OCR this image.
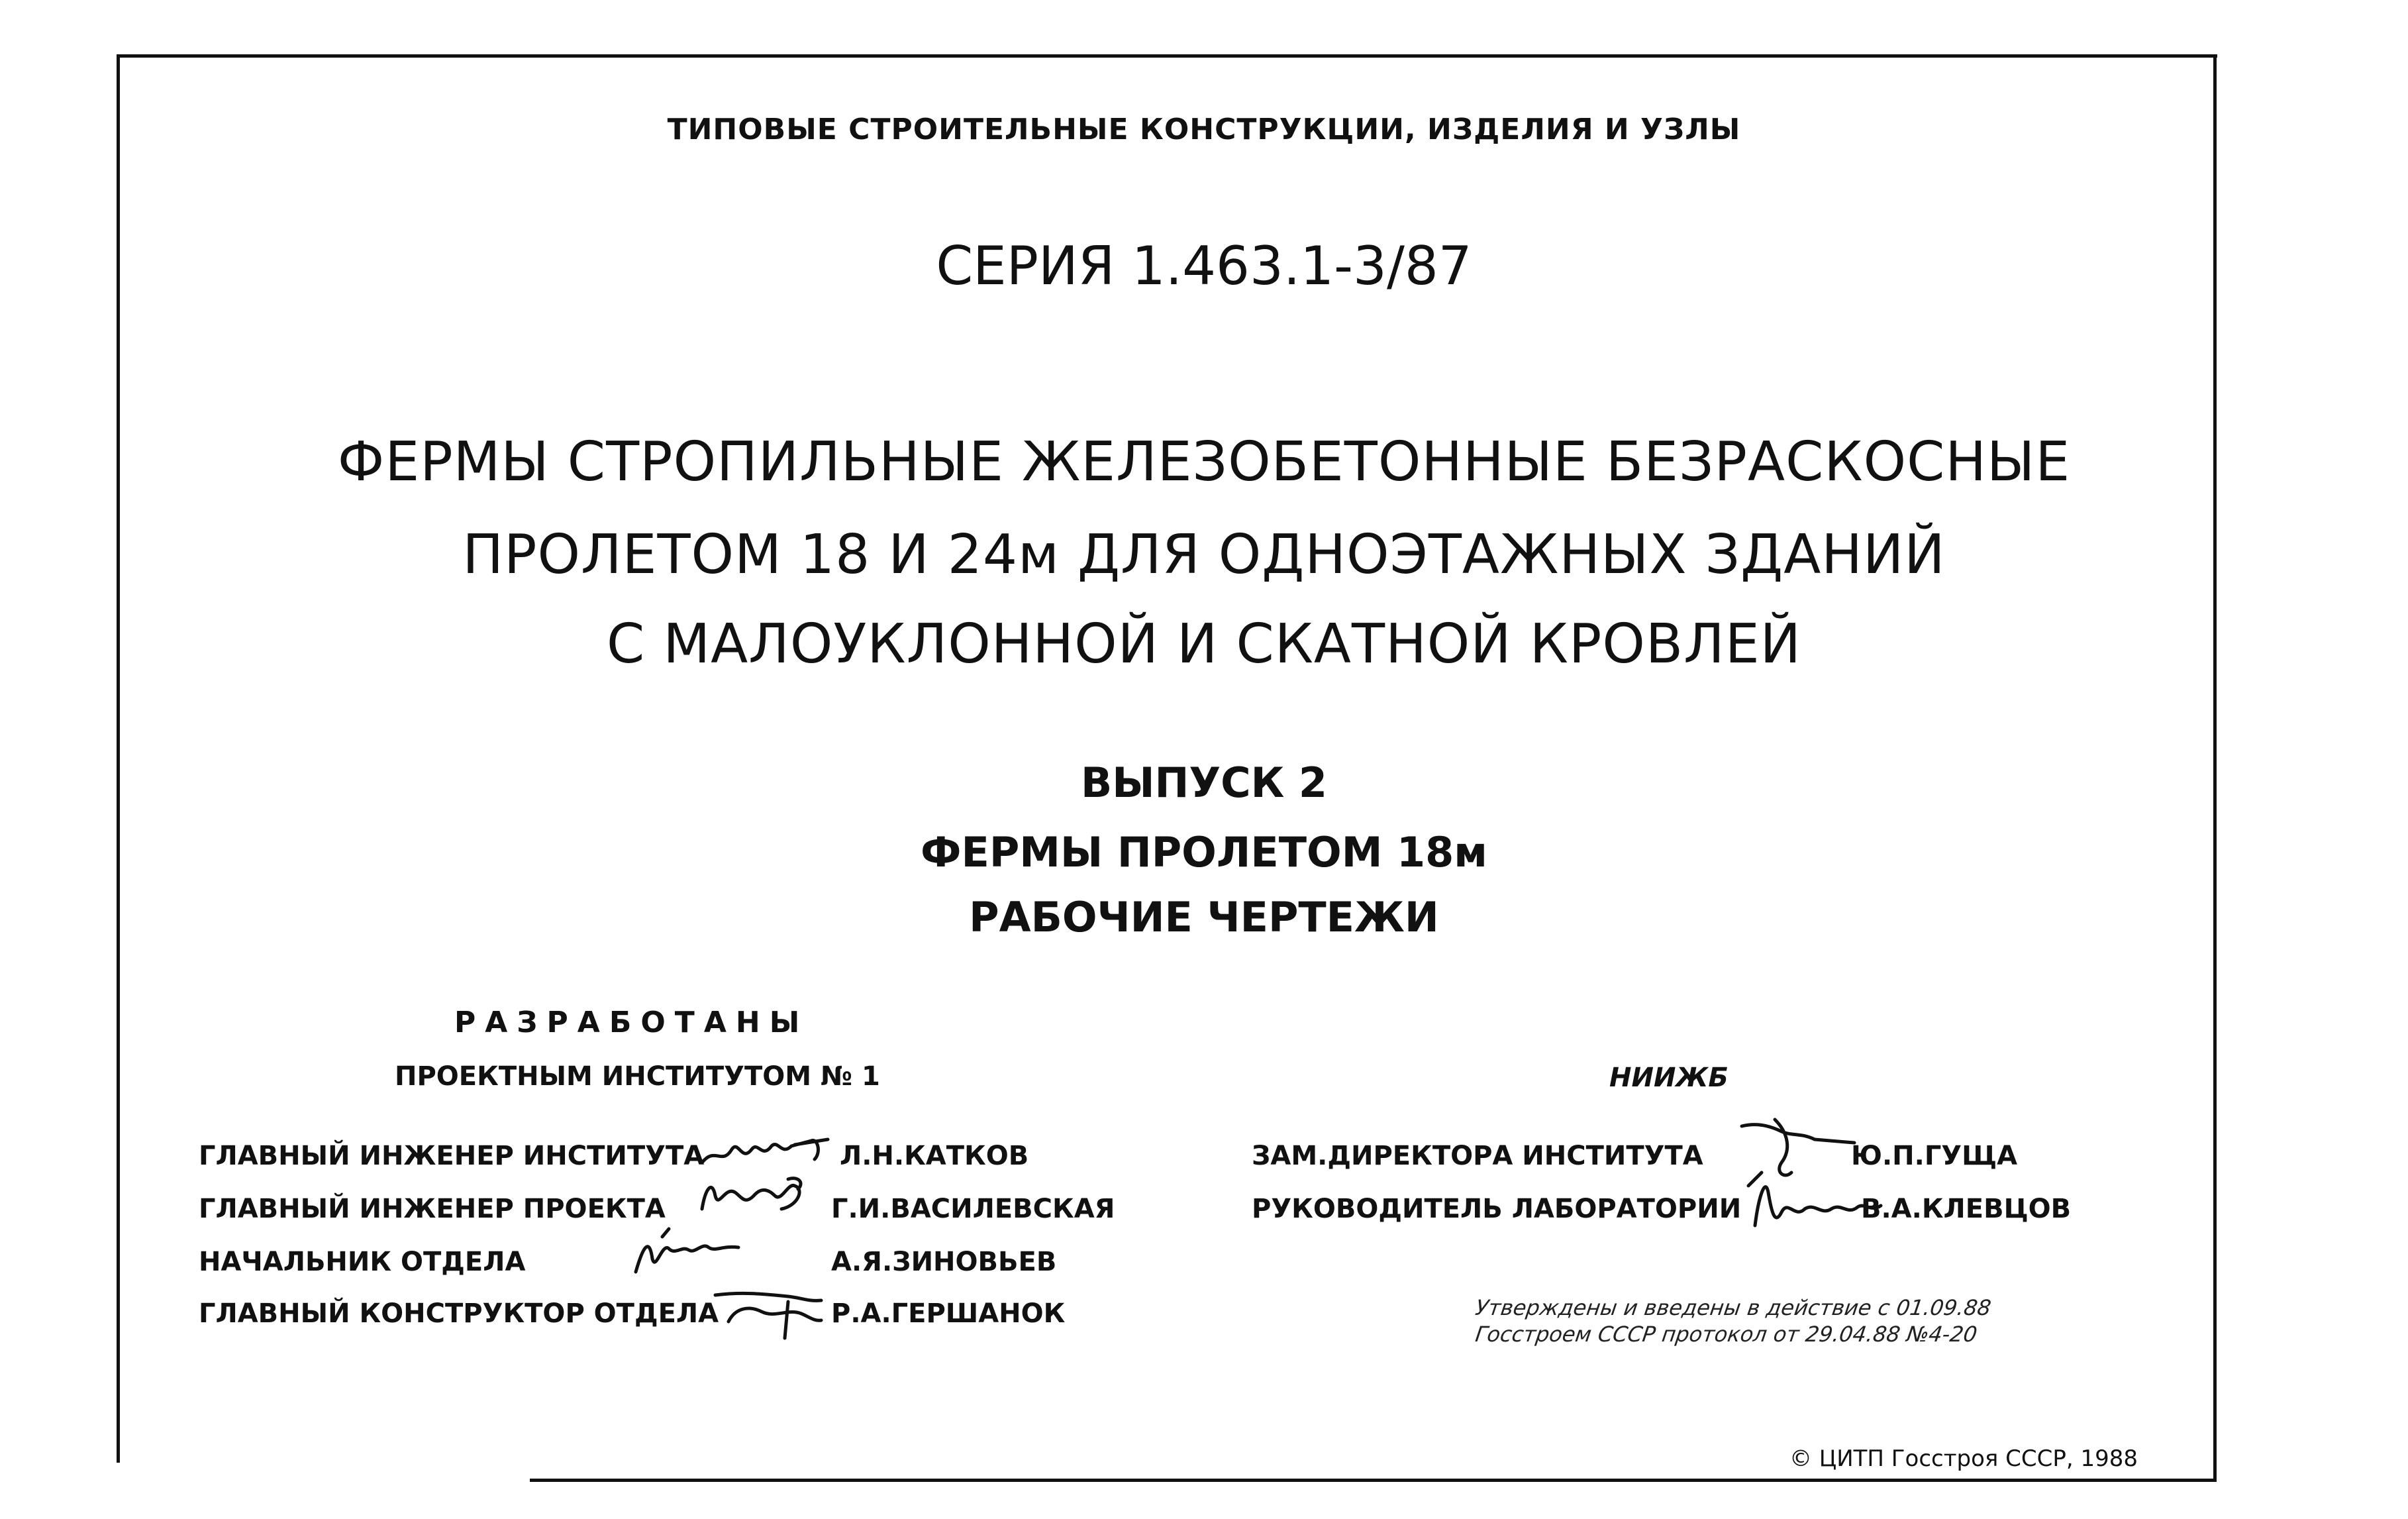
ТИПОВЫЕ СТРОИТЕЛЬНЫЕ КОНСТРУКЦИИ, ИЗДЕЛИЯ И УЗЛЫ
СЕРИЯ 1.463.1-3/87
ФЕРМЫ СТРОПИЛЬНЫЕ ЖЕЛЕЗОБЕТОННЫЕ БЕЗРАСКОСНЫЕ
ПРОЛЕТОМ 18 И 24м ДЛЯ ОДНОЭТАЖНЫХ ЗДАНИЙ
С МАЛОУКЛОННОЙ И СКАТНОЙ КРОВЛЕЙ
ВЫПУСК 2
ФЕРМЫ ПРОЛЕТОМ 18м
РАБОЧИЕ ЧЕРТЕЖИ
РАЗРАБОТАНЫ
ПРОЕКТНЫМ ИНСТИТУТОМ № 1	НИИЖБ
ГЛАВНЫЙ ИНЖЕНЕР ИНСТИТУТА	Л.Н.КАТКОВ
ГЛАВНЫЙ ИНЖЕНЕР ПРОЕКТА	Г.И.ВАСИЛЕВСКАЯ
НАЧАЛЬНИК ОТДЕЛА	А.Я.ЗИНОВЬЕВ
ГЛАВНЫЙ КОНСТРУКТОР ОТДЕЛА	Р.А.ГЕРШАНОК
ЗАМ.ДИРЕКТОРА ИНСТИТУТА	Ю.П.ГУЩА
РУКОВОДИТЕЛЬ ЛАБОРАТОРИИ	В.А.КЛЕВЦОВ
Утверждены и введены в действие с 01.09.88
Госстроем СССР протокол от 29.04.88 №4-20
© ЦИТП Госстроя СССР, 1988
